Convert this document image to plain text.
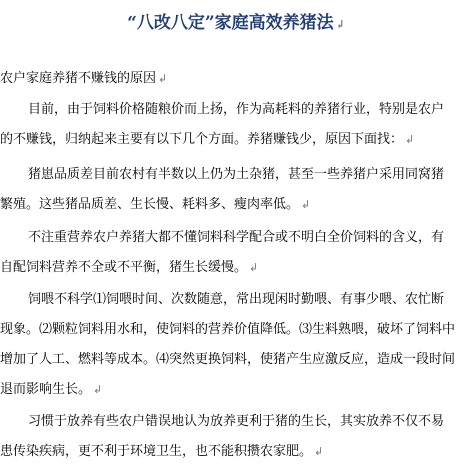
“八改八定”家庭高效养猪法 ↲
农户家庭养猪不赚钱的原因 ↲
目前，由于饲料价格随粮价而上扬，作为高耗料的养猪行业，特别是农户
的不赚钱，归纳起来主要有以下几个方面。养猪赚钱少，原因下面找： ↲
猪崽品质差目前农村有半数以上仍为土杂猪，甚至一些养猪户采用同窝猪
繁殖。这些猪品质差、生长慢、耗料多、瘦肉率低。 ↲
不注重营养农户养猪大都不懂饲料科学配合或不明白全价饲料的含义，有
自配饲料营养不全或不平衡，猪生长缓慢。 ↲
饲喂不科学⑴饲喂时间、次数随意，常出现闲时勤喂、有事少喂、农忙断
现象。⑵颗粒饲料用水和，使饲料的营养价值降低。⑶生料熟喂，破坏了饲料中
增加了人工、燃料等成本。⑷突然更换饲料，使猪产生应激反应，造成一段时间
退而影响生长。 ↲
习惯于放养有些农户错误地认为放养更利于猪的生长，其实放养不仅不易
患传染疾病，更不利于环境卫生，也不能积攒农家肥。 ↲
